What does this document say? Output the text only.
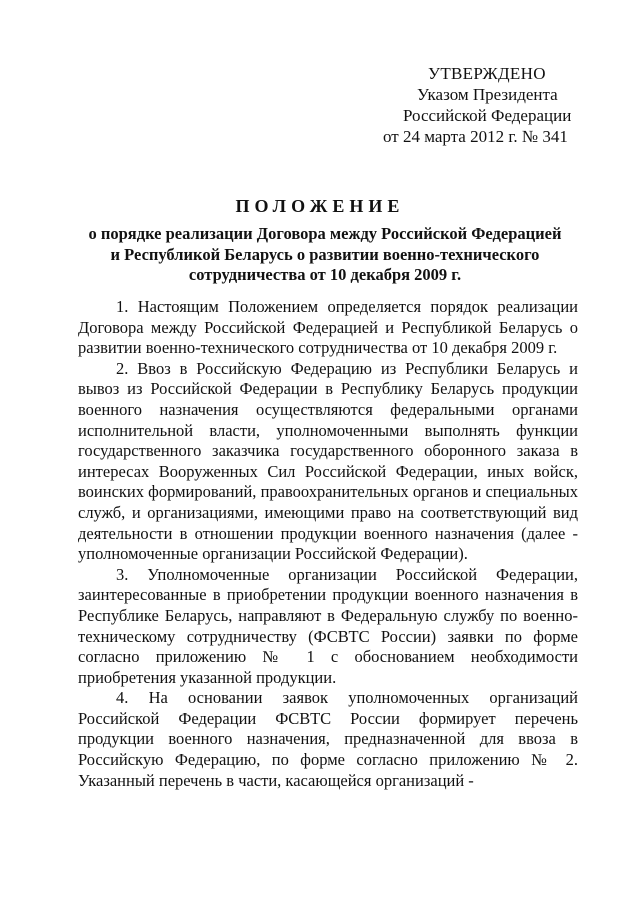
УТВЕРЖДЕНО
Указом Президента
Российской Федерации
от 24 марта 2012 г. № 341
ПОЛОЖЕНИЕ
о порядке реализации Договора между Российской Федерацией
и Республикой Беларусь о развитии военно-технического
сотрудничества от 10 декабря 2009 г.

1. Настоящим Положением определяется порядок реализации Договора между Российской Федерацией и Республикой Беларусь о развитии военно-технического сотрудничества от 10 декабря 2009 г.

2. Ввоз в Российскую Федерацию из Республики Беларусь и вывоз из Российской Федерации в Республику Беларусь продукции военного назначения осуществляются федеральными органами исполнительной власти, уполномоченными выполнять функции государственного заказчика государственного оборонного заказа в интересах Вооруженных Сил Российской Федерации, иных войск, воинских формирований, правоохранительных органов и специальных служб, и организациями, имеющими право на соответствующий вид деятельности в отношении продукции военного назначения (далее - уполномоченные организации Российской Федерации).

3. Уполномоченные организации Российской Федерации, заинтересованные в приобретении продукции военного назначения в Республике Беларусь, направляют в Федеральную службу по военно-техническому сотрудничеству (ФСВТС России) заявки по форме согласно приложению № 1 с обоснованием необходимости приобретения указанной продукции.

4. На основании заявок уполномоченных организаций Российской Федерации ФСВТС России формирует перечень продукции военного назначения, предназначенной для ввоза в Российскую Федерацию, по форме согласно приложению № 2. Указанный перечень в части, касающейся организаций -
